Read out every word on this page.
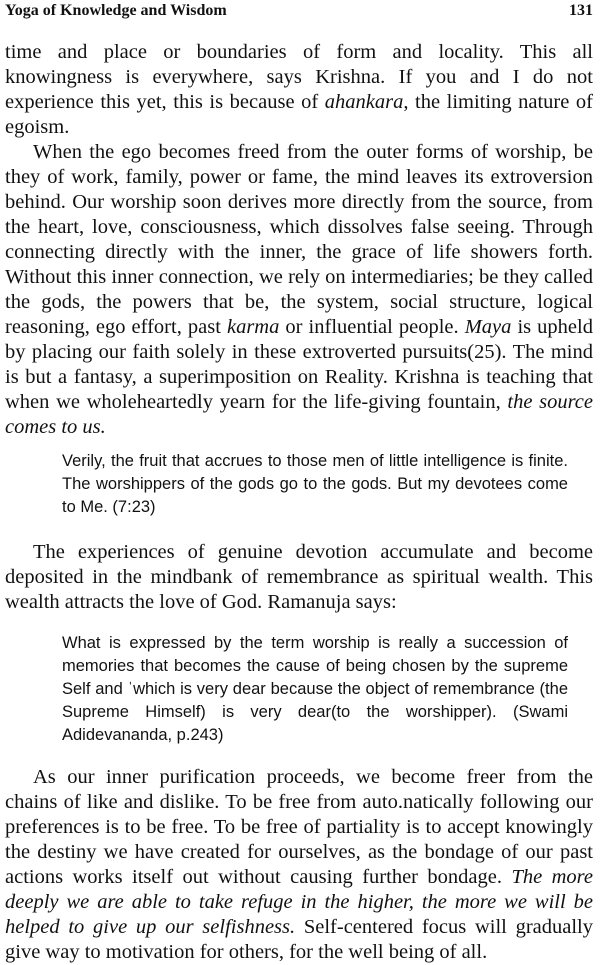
Yoga of Knowledge and Wisdom	131

time and place or boundaries of form and locality. This all knowingness is everywhere, says Krishna. If you and I do not experience this yet, this is because of ahankara, the limiting nature of egoism.

When the ego becomes freed from the outer forms of worship, be they of work, family, power or fame, the mind leaves its extroversion behind. Our worship soon derives more directly from the source, from the heart, love, consciousness, which dissolves false seeing. Through connecting directly with the inner, the grace of life showers forth. Without this inner connection, we rely on intermediaries; be they called the gods, the powers that be, the system, social structure, logical reasoning, ego effort, past karma or influential people. Maya is upheld by placing our faith solely in these extroverted pursuits(25). The mind is but a fantasy, a superimposition on Reality. Krishna is teaching that when we wholeheartedly yearn for the life-giving fountain, the source comes to us.

Verily, the fruit that accrues to those men of little intelligence is finite. The worshippers of the gods go to the gods. But my devotees come to Me. (7:23)

The experiences of genuine devotion accumulate and become deposited in the mindbank of remembrance as spiritual wealth. This wealth attracts the love of God. Ramanuja says:

What is expressed by the term worship is really a succession of memories that becomes the cause of being chosen by the supreme Self and ˈwhich is very dear because the object of remembrance (the Supreme Himself) is very dear(to the worshipper). (Swami Adidevananda, p.243)

As our inner purification proceeds, we become freer from the chains of like and dislike. To be free from auto.natically following our preferences is to be free. To be free of partiality is to accept knowingly the destiny we have created for ourselves, as the bondage of our past actions works itself out without causing further bondage. The more deeply we are able to take refuge in the higher, the more we will be helped to give up our selfishness. Self-centered focus will gradually give way to motivation for others, for the well being of all.
